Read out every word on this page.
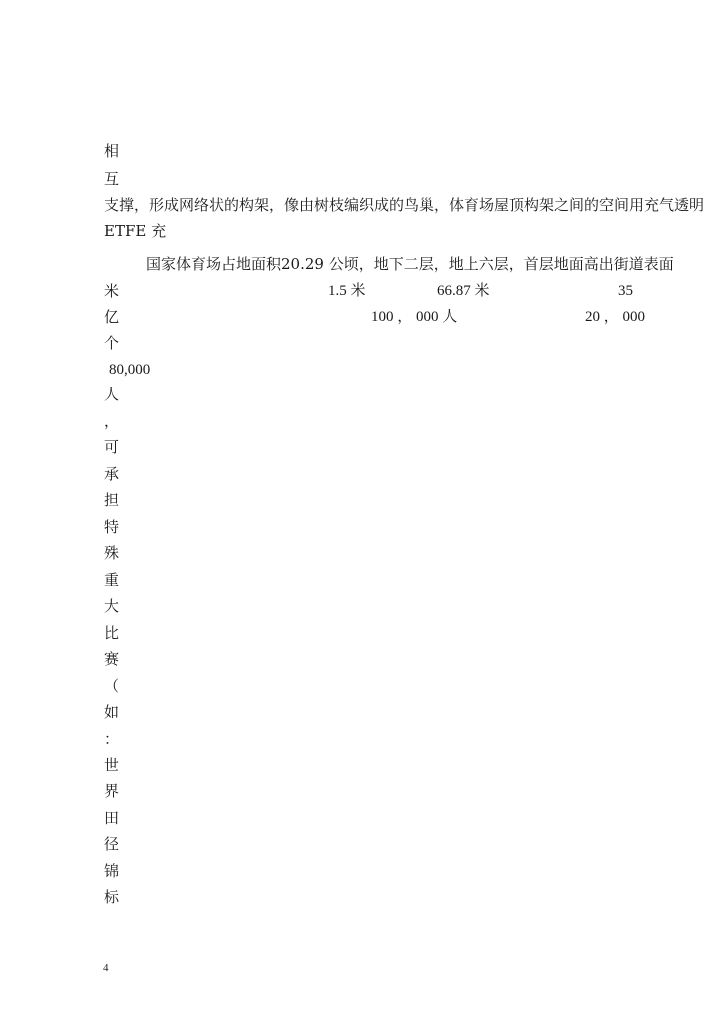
相
互
支撑，形成网络状的构架，像由树枝编织成的鸟巢，体育场屋顶构架之间的空间用充气透明
ETFE 充
国家体育场占地面积20.29 公顷，地下二层，地上六层，首层地面高出街道表面
米	1.5 米	66.87 米	35
亿	100 ， 000 人	20 ， 000
个
80,000
人
，
可
承
担
特
殊
重
大
比
赛
（
如
：
世
界
田
径
锦
标
4
